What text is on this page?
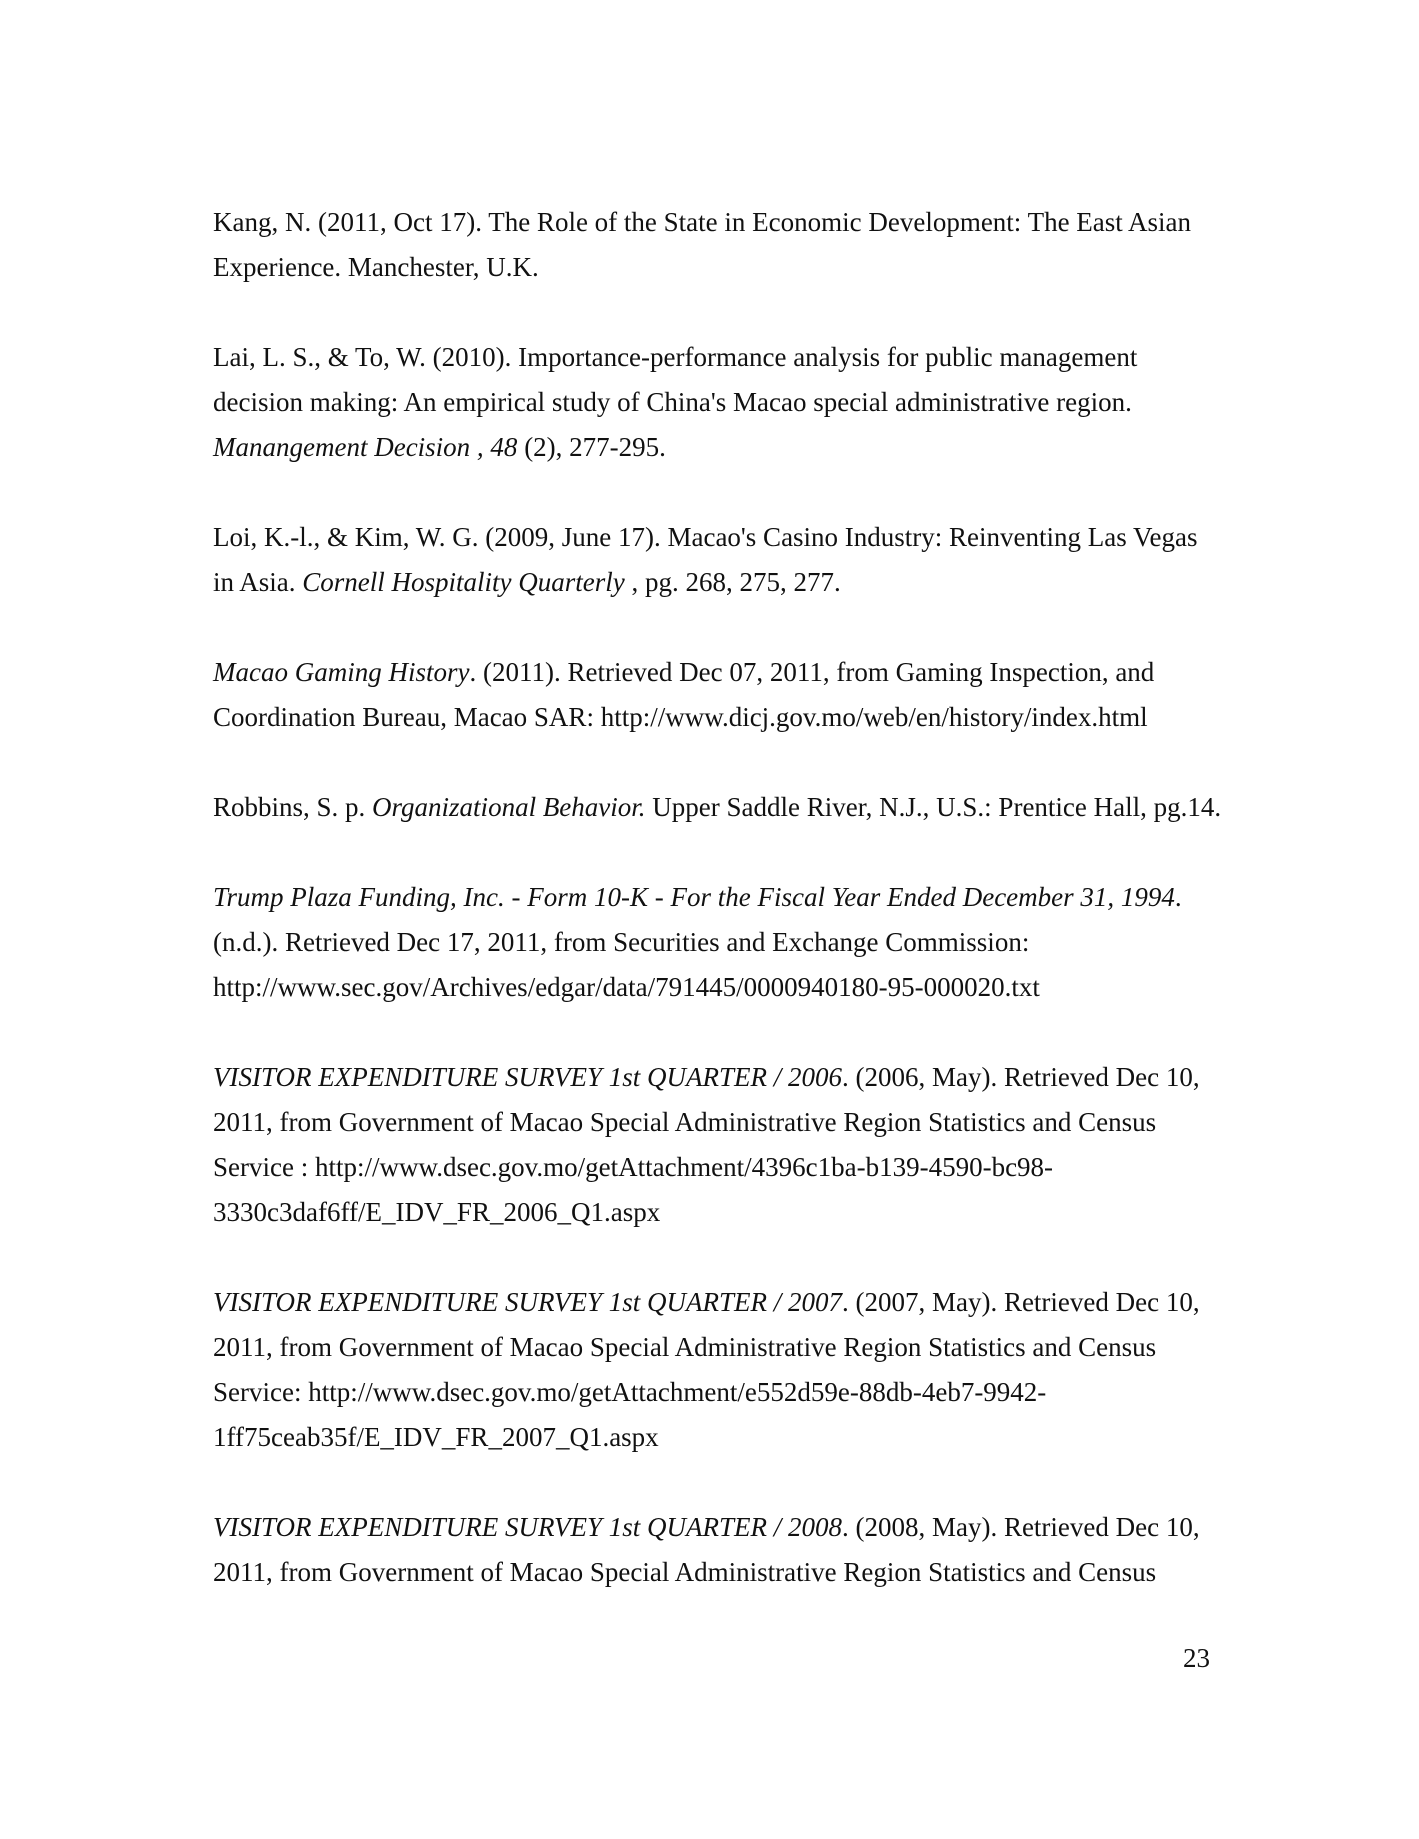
Kang, N. (2011, Oct 17). The Role of the State in Economic Development: The East Asian
Experience. Manchester, U.K.

Lai, L. S., & To, W. (2010). Importance-performance analysis for public management
decision making: An empirical study of China's Macao special administrative region.
Manangement Decision , 48 (2), 277-295.

Loi, K.-l., & Kim, W. G. (2009, June 17). Macao's Casino Industry: Reinventing Las Vegas
in Asia. Cornell Hospitality Quarterly , pg. 268, 275, 277.

Macao Gaming History. (2011). Retrieved Dec 07, 2011, from Gaming Inspection, and
Coordination Bureau, Macao SAR: http://www.dicj.gov.mo/web/en/history/index.html

Robbins, S. p. Organizational Behavior. Upper Saddle River, N.J., U.S.: Prentice Hall, pg.14.

Trump Plaza Funding, Inc. - Form 10-K - For the Fiscal Year Ended December 31, 1994.
(n.d.). Retrieved Dec 17, 2011, from Securities and Exchange Commission:
http://www.sec.gov/Archives/edgar/data/791445/0000940180-95-000020.txt

VISITOR EXPENDITURE SURVEY 1st QUARTER / 2006. (2006, May). Retrieved Dec 10,
2011, from Government of Macao Special Administrative Region Statistics and Census
Service : http://www.dsec.gov.mo/getAttachment/4396c1ba-b139-4590-bc98-
3330c3daf6ff/E_IDV_FR_2006_Q1.aspx

VISITOR EXPENDITURE SURVEY 1st QUARTER / 2007. (2007, May). Retrieved Dec 10,
2011, from Government of Macao Special Administrative Region Statistics and Census
Service: http://www.dsec.gov.mo/getAttachment/e552d59e-88db-4eb7-9942-
1ff75ceab35f/E_IDV_FR_2007_Q1.aspx

VISITOR EXPENDITURE SURVEY 1st QUARTER / 2008. (2008, May). Retrieved Dec 10,
2011, from Government of Macao Special Administrative Region Statistics and Census

23
